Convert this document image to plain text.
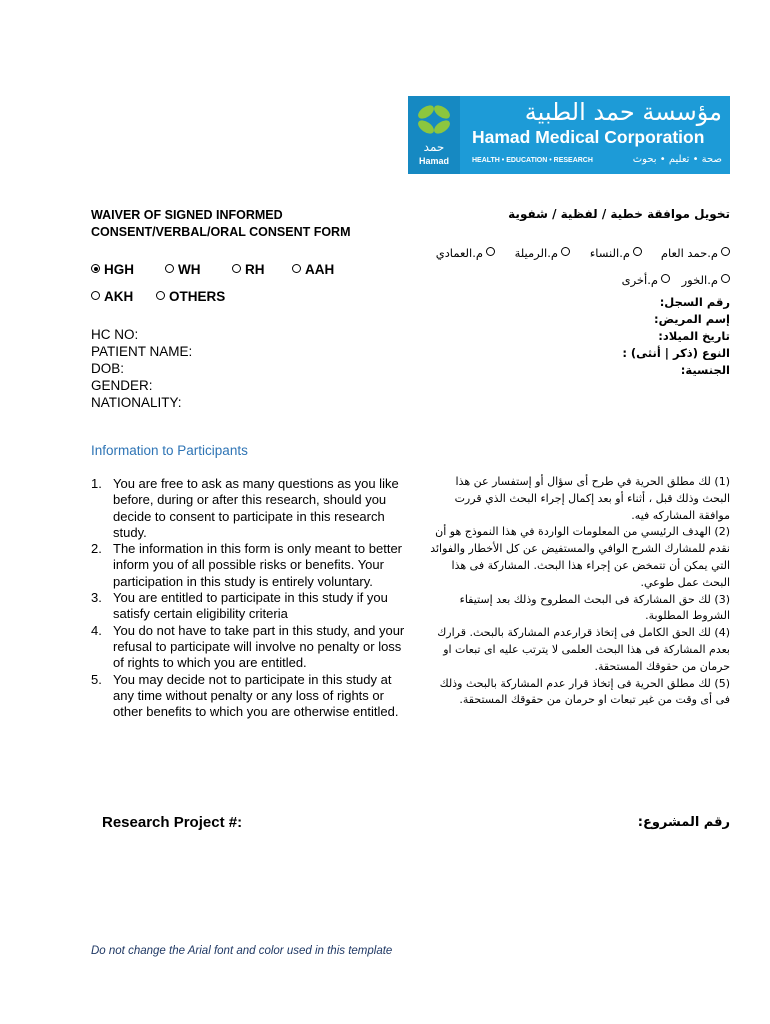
حمد
Hamad
مؤسسة حمد الطبية
Hamad Medical Corporation
HEALTH • EDUCATION • RESEARCH	صحة • تعليم • بحوث
WAIVER OF SIGNED INFORMED
CONSENT/VERBAL/ORAL CONSENT FORM
تخويل موافقة خطية / لفظية / شفوية
HGH	WH	RH	AAH
AKH	OTHERS
م.حمد العام
م.النساء
م.الرميلة
م.العمادي
م.الخور
م.أخرى
HC NO:
PATIENT NAME:
DOB:
GENDER:
NATIONALITY:
رقم السجل:
إسم المريض:
تاريخ الميلاد:
النوع (ذكر | أنثى) :
الجنسية:
Information to Participants
1. You are free to ask as many questions as you like before, during or after this research, should you decide to consent to participate in this research study.
2. The information in this form is only meant to better inform you of all possible risks or benefits. Your participation in this study is entirely voluntary.
3. You are entitled to participate in this study if you satisfy certain eligibility criteria
4. You do not have to take part in this study, and your refusal to participate will involve no penalty or loss of rights to which you are entitled.
5. You may decide not to participate in this study at any time without penalty or any loss of rights or other benefits to which you are otherwise entitled.

(1) لك مطلق الحرية في طرح أى سؤال أو إستفسار عن هذا البحث وذلك قبل ، أثناء أو بعد إكمال إجراء البحث الذي قررت موافقة المشاركه فيه.

(2) الهدف الرئيسي من المعلومات الواردة في هذا النموذج هو أن نقدم للمشارك الشرح الوافي والمستفيض عن كل الأخطار والفوائد التي يمكن أن تتمخض عن إجراء هذا البحث. المشاركة فى هذا البحث عمل طوعي.

(3) لك حق المشاركة فى البحث المطروح وذلك بعد إستيفاء الشروط المطلوبة.

(4) لك الحق الكامل فى إتخاذ قرارعدم المشاركة بالبحث. قرارك بعدم المشاركة فى هذا البحث العلمى لا يترتب عليه اى تبعات او حرمان من حقوقك المستحقة.

(5) لك مطلق الحرية فى إتخاذ قرار عدم المشاركة بالبحث وذلك فى أى وقت من غير تبعات او حرمان من حقوقك المستحقة.

Research Project #:	رقم المشروع:
Do not change the Arial font and color used in this template
